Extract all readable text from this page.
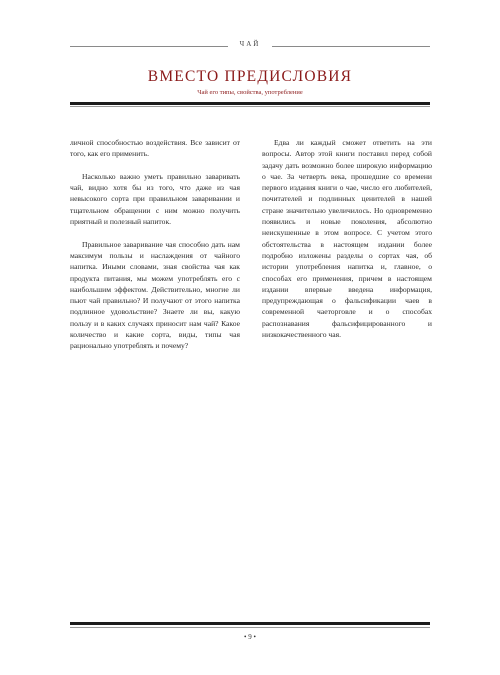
ЧАЙ
ВМЕСТО ПРЕДИСЛОВИЯ
Чай его типы, свойства, употребление

личной способностью воздействия. Все зависит от того, как его применить.

Насколько важно уметь правильно заваривать чай, видно хотя бы из того, что даже из чая невысокого сорта при правильном заваривании и тщательном обращении с ним можно получить приятный и полезный напиток.

Правильное заваривание чая способно дать нам максимум пользы и наслаждения от чайного напитка. Иными словами, зная свойства чая как продукта питания, мы можем употреблять его с наибольшим эффектом. Действительно, многие ли пьют чай правильно? И получают от этого напитка подлинное удовольствие? Знаете ли вы, какую пользу и в каких случаях приносит нам чай? Какое количество и какие сорта, виды, типы чая рационально употреблять и почему?

Едва ли каждый сможет ответить на эти вопросы. Автор этой книги поставил перед собой задачу дать возможно более широкую информацию о чае. За четверть века, прошедшие со времени первого издания книги о чае, число его любителей, почитателей и подлинных ценителей в нашей стране значительно увеличилось. Но одновременно появились и новые поколения, абсолютно неискушенные в этом вопросе. С учетом этого обстоятельства в настоящем издании более подробно изложены разделы о сортах чая, об истории употребления напитка и, главное, о способах его применения, причем в настоящем издании впервые введена информация, предупреждающая о фальсификации чаев в современной чаеторговле и о способах распознавания фальсифицированного и низкокачественного чая.

• 9 •
